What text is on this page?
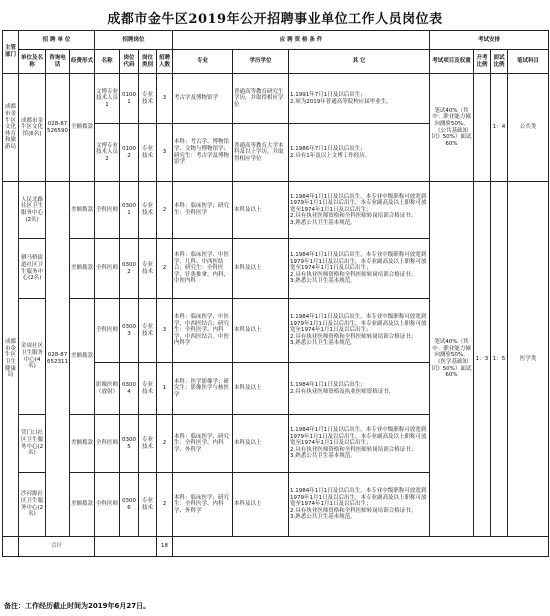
成都市金牛区2019年公开招聘事业单位工作人员岗位表
主管部门	招 聘 单 位			招聘岗位				应 聘 资 格 条 件			考试安排			
	单位及名称	咨询电话	经费形式	名称	岗位代码	岗位类别	招聘人数	专业	学历学位	其 它	考试项目及权重	开考比例	面试比例	笔试科目
成都市金牛区文化体育和旅游局	成都市金牛区文化馆(6名)	028-87526590	全额拨款	文博专业技术人员1	01001	专业技术	3	考古学及博物馆学	普通高等教育研究生学历，并取得相应学位	1.1991年7月1日及以后出生；
2.须为2019年普通高等院校应届毕业生。	笔试40%（其中：职业能力倾向测验50%，《公共基础知识》50%）面试60%		1：4	公共类
				文博专业技术人员2	01002	专业技术	3	本科：考古学、博物馆学、文物与博物馆学；研究生：考古学及博物馆学	普通高等教育大学本科及以上学历，并取得相应学位	1.1986年7月1日及以后出生；
2.具有1年及以上文博工作经历。				
成都市金牛区卫生健康局	人民北路社区卫生服务中心(2名)	028-87652311	差额拨款	全科医师	03001	专业技术	2	本科：临床医学；研究生：全科医学	本科及以上	1.1984年1月1日及以后出生，本专业中级职称可放宽到1979年1月1日及以后出生，本专业副高及以上职称可放宽至1974年1月1日及以后出生；
2.具有执业医师资格和全科医师转岗培训合格证书；
3.熟悉公共卫生基本规范。	笔试40%（其中：职业能力倾向测验50%，《医学基础知识》50%）面试60%	1：3	1：5	医学类
	驷马桥街道社区卫生服务中心(2名)		差额拨款	全科医师	03002	专业技术	2	本科：临床医学、中医学、儿科、中西医结合；研究生：全科医学、针灸推拿、内科、中医内科	本科及以上	1.1984年1月1日及以后出生，本专业中级职称可放宽到1979年1月1日及以后出生，本专业副高及以上职称可放宽至1974年1月1日及以后出生；
2.具有执业医师资格和全科医师转岗培训合格证书；
3.熟悉公共卫生基本规范。				
	金周社区卫生服务中心(4名)		差额拨款	全科医师	03003	专业技术	3	本科：临床医学、中医学、中西医结合；研究生：全科医学、内科学、中西医结合、中医内科学	本科及以上	1.1984年1月1日及以后出生，本专业中级职称可放宽到1979年1月1日及以后出生，本专业副高及以上职称可放宽至1974年1月1日及以后出生；
2.具有执业医师资格和全科医师转岗培训合格证书；
3.熟悉公共卫生基本规范。				
				影像医师（放射）	03004	专业技术	1	本科：医学影像学；研究生：影像医学与核医学	本科及以上	1.1984年1月1日及以后出生；
2.具有执业医师资格及执业医师资格证书。				
	营门口社区卫生服务中心(2名)		差额拨款	全科医师	03005	专业技术	2	本科：临床医学；研究生：全科医学、内科学、外科学	本科及以上	1.1984年1月1日及以后出生，本专业中级职称可放宽到1979年1月1日及以后出生，本专业副高及以上职称可放宽至1974年1月1日及以后出生；
2.具有执业医师资格和全科医师转岗培训合格证书；
3.熟悉公共卫生基本规范。				
	沙河源社区卫生服务中心(2名)		差额拨款	全科医师	03006	专业技术	2	本科：临床医学；研究生：全科医学、内科学、外科学	本科及以上	1.1984年1月1日及以后出生，本专业中级职称可放宽到1979年1月1日及以后出生，本专业副高及以上职称可放宽至1974年1月1日及以后出生；
2.具有执业医师资格和全科医师转岗培训合格证书；
3.熟悉公共卫生基本规范。				
	合计						18							
备注：工作经历截止时间为2019年6月27日。
